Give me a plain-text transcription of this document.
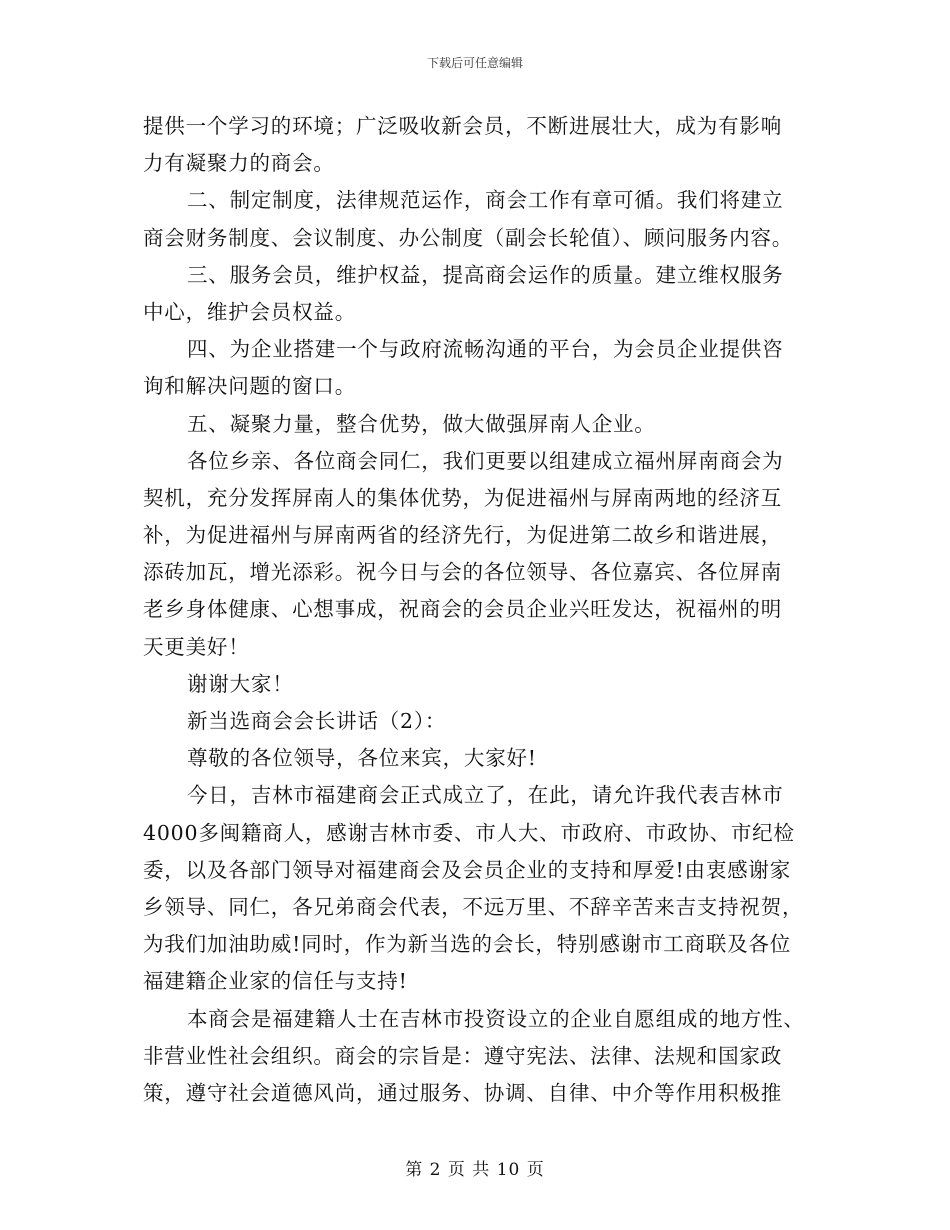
下载后可任意编辑
提供一个学习的环境；广泛吸收新会员，不断进展壮大，成为有影响
力有凝聚力的商会。
二、制定制度，法律规范运作，商会工作有章可循。我们将建立
商会财务制度、会议制度、办公制度（副会长轮值）、顾问服务内容。
三、服务会员，维护权益，提高商会运作的质量。建立维权服务
中心，维护会员权益。
四、为企业搭建一个与政府流畅沟通的平台，为会员企业提供咨
询和解决问题的窗口。
五、凝聚力量，整合优势，做大做强屏南人企业。
各位乡亲、各位商会同仁，我们更要以组建成立福州屏南商会为
契机，充分发挥屏南人的集体优势，为促进福州与屏南两地的经济互
补，为促进福州与屏南两省的经济先行，为促进第二故乡和谐进展，
添砖加瓦，增光添彩。祝今日与会的各位领导、各位嘉宾、各位屏南
老乡身体健康、心想事成，祝商会的会员企业兴旺发达，祝福州的明
天更美好！
谢谢大家！
新当选商会会长讲话（2）：
尊敬的各位领导，各位来宾，大家好!
今日，吉林市福建商会正式成立了，在此，请允许我代表吉林市
4000多闽籍商人，感谢吉林市委、市人大、市政府、市政协、市纪检
委，以及各部门领导对福建商会及会员企业的支持和厚爱!由衷感谢家
乡领导、同仁，各兄弟商会代表，不远万里、不辞辛苦来吉支持祝贺，
为我们加油助威!同时，作为新当选的会长，特别感谢市工商联及各位
福建籍企业家的信任与支持!
本商会是福建籍人士在吉林市投资设立的企业自愿组成的地方性、
非营业性社会组织。商会的宗旨是：遵守宪法、法律、法规和国家政
策，遵守社会道德风尚，通过服务、协调、自律、中介等作用积极推
第 2 页 共 10 页
